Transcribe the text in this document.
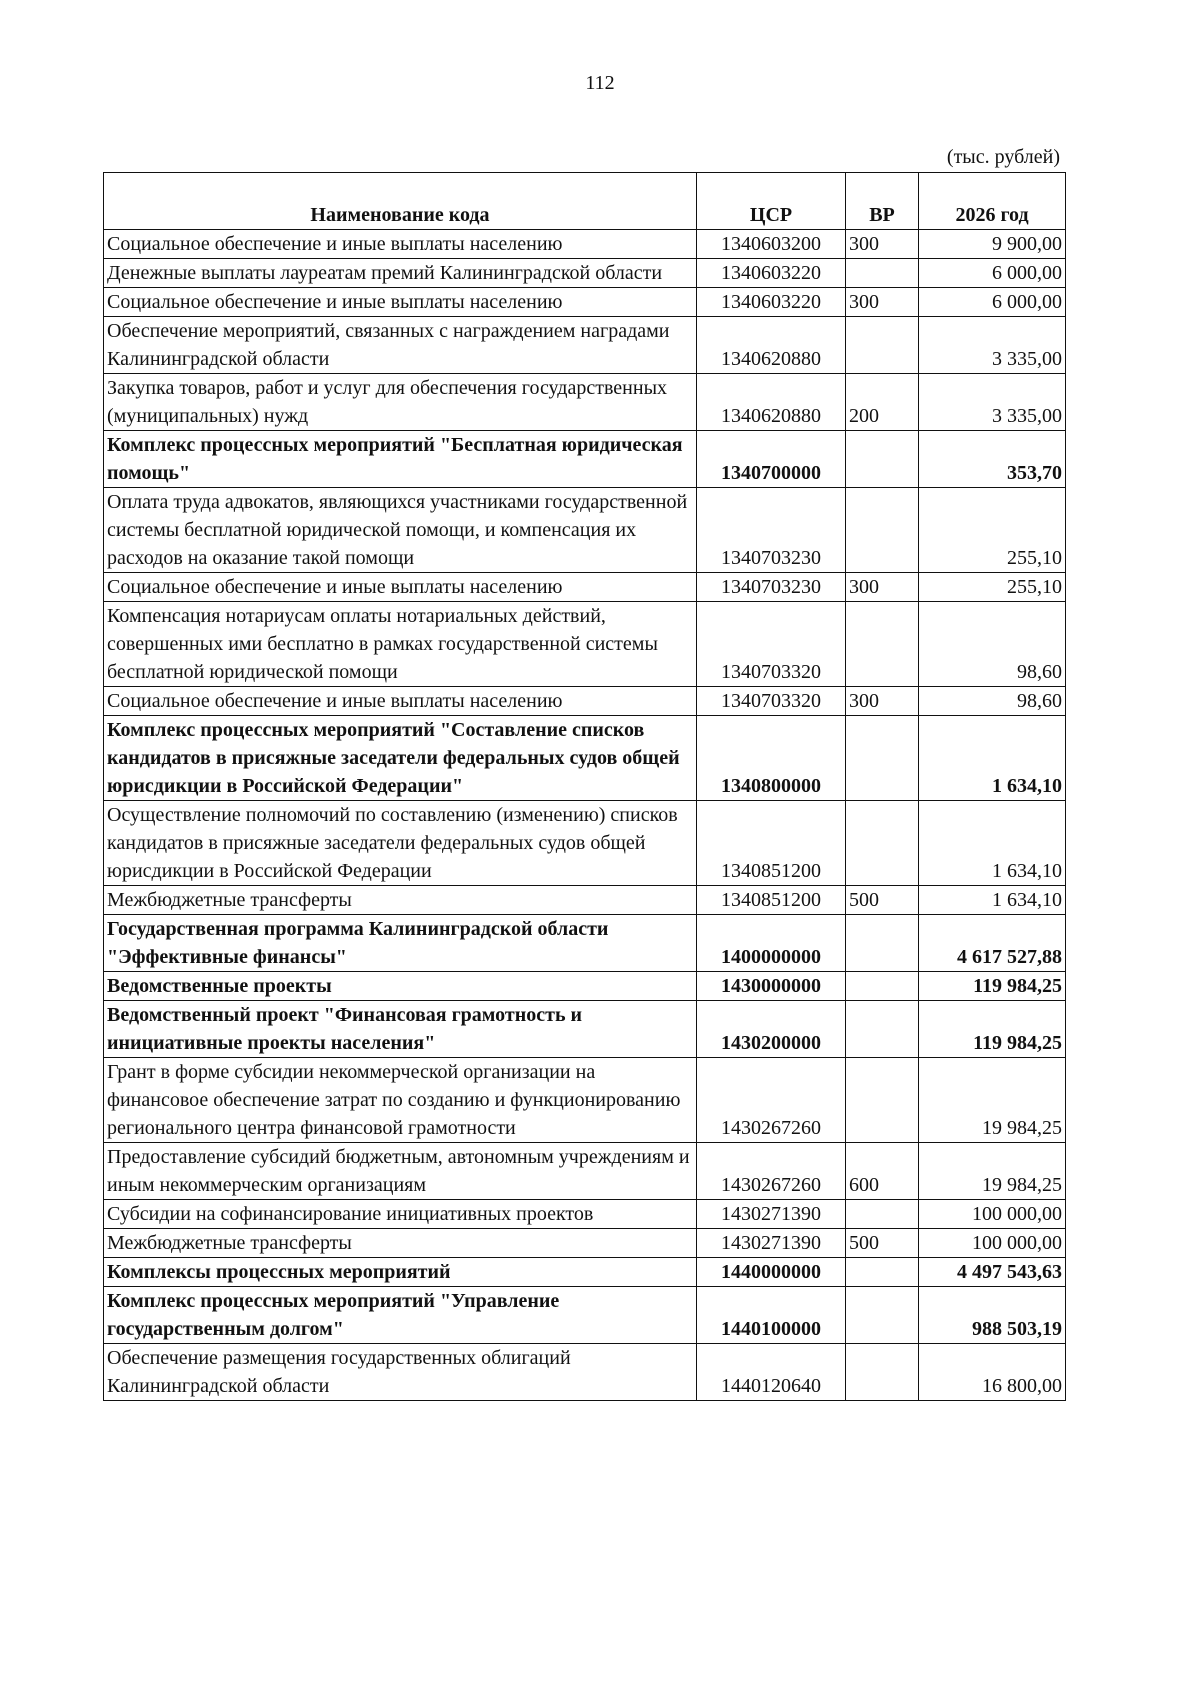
112
(тыс. рублей)
Наименование кода	ЦСР	ВР	2026 год
Социальное обеспечение и иные выплаты населению	1340603200	300	9 900,00
Денежные выплаты лауреатам премий Калининградской области	1340603220		6 000,00
Социальное обеспечение и иные выплаты населению	1340603220	300	6 000,00
Обеспечение мероприятий, связанных с награждением наградами Калининградской области	1340620880		3 335,00
Закупка товаров, работ и услуг для обеспечения государственных (муниципальных) нужд	1340620880	200	3 335,00
Комплекс процессных мероприятий "Бесплатная юридическая помощь"	1340700000		353,70
Оплата труда адвокатов, являющихся участниками государственной системы бесплатной юридической помощи, и компенсация их расходов на оказание такой помощи	1340703230		255,10
Социальное обеспечение и иные выплаты населению	1340703230	300	255,10
Компенсация нотариусам оплаты нотариальных действий, совершенных ими бесплатно в рамках государственной системы бесплатной юридической помощи	1340703320		98,60
Социальное обеспечение и иные выплаты населению	1340703320	300	98,60
Комплекс процессных мероприятий "Составление списков кандидатов в присяжные заседатели федеральных судов общей юрисдикции в Российской Федерации"	1340800000		1 634,10
Осуществление полномочий по составлению (изменению) списков кандидатов в присяжные заседатели федеральных судов общей юрисдикции в Российской Федерации	1340851200		1 634,10
Межбюджетные трансферты	1340851200	500	1 634,10
Государственная программа Калининградской области "Эффективные финансы"	1400000000		4 617 527,88
Ведомственные проекты	1430000000		119 984,25
Ведомственный проект "Финансовая грамотность и инициативные проекты населения"	1430200000		119 984,25
Грант в форме субсидии некоммерческой организации на финансовое обеспечение затрат по созданию и функционированию регионального центра финансовой грамотности	1430267260		19 984,25
Предоставление субсидий бюджетным, автономным учреждениям и иным некоммерческим организациям	1430267260	600	19 984,25
Субсидии на софинансирование инициативных проектов	1430271390		100 000,00
Межбюджетные трансферты	1430271390	500	100 000,00
Комплексы процессных мероприятий	1440000000		4 497 543,63
Комплекс процессных мероприятий "Управление государственным долгом"	1440100000		988 503,19
Обеспечение размещения государственных облигаций Калининградской области	1440120640		16 800,00
